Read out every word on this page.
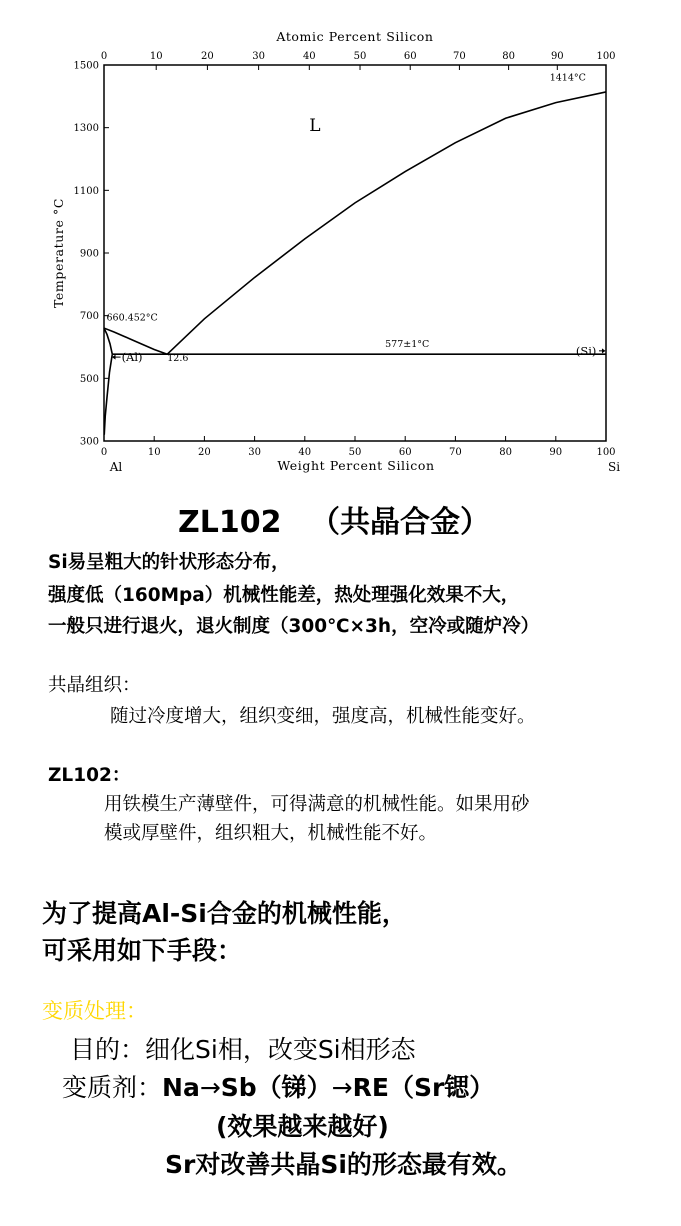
0	10	20	30	40	50	60	70	80	90	100
0	10	20	30	40	50	60	70	80	90	100
300
500
700
900
1100
1300
1500
Al	Si
L
(Al)	(Si)
1414°C
660.452°C
12.6
577±1°C
Atomic Percent Silicon
Weight Percent Silicon
Temperature °C
ZL102 （共晶合金）
Si易呈粗大的针状形态分布，
强度低（160Mpa）机械性能差，热处理强化效果不大，
一般只进行退火，退火制度（300℃×3h，空冷或随炉冷）
共晶组织：
随过冷度增大，组织变细，强度高，机械性能变好。
ZL102：
用铁模生产薄壁件，可得满意的机械性能。如果用砂
模或厚壁件，组织粗大，机械性能不好。
为了提高Al-Si合金的机械性能，
可采用如下手段：
变质处理：
目的：细化Si相，改变Si相形态
变质剂：Na→Sb（锑）→RE（Sr锶）
(效果越来越好)
Sr对改善共晶Si的形态最有效。
